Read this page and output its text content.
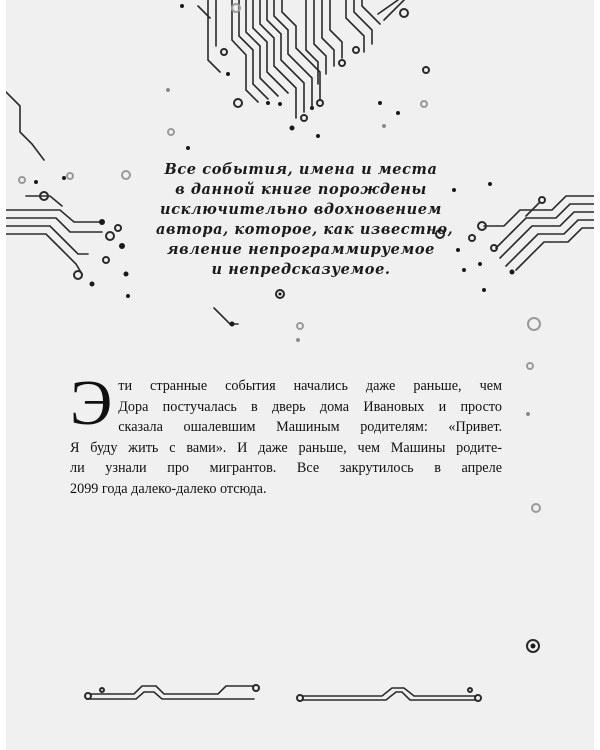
Все события, имена и места
в данной книге порождены
исключительно вдохновением
автора, которое, как известно,
явление непрограммируемое
и непредсказуемое.

Э ти странные события начались даже раньше, чем
Дора постучалась в дверь дома Ивановых и просто
сказала ошалевшим Машиным родителям: «Привет.
Я буду жить с вами». И даже раньше, чем Машины родите-
ли узнали про мигрантов. Все закрутилось в апреле
2099 года далеко-далеко отсюда.
